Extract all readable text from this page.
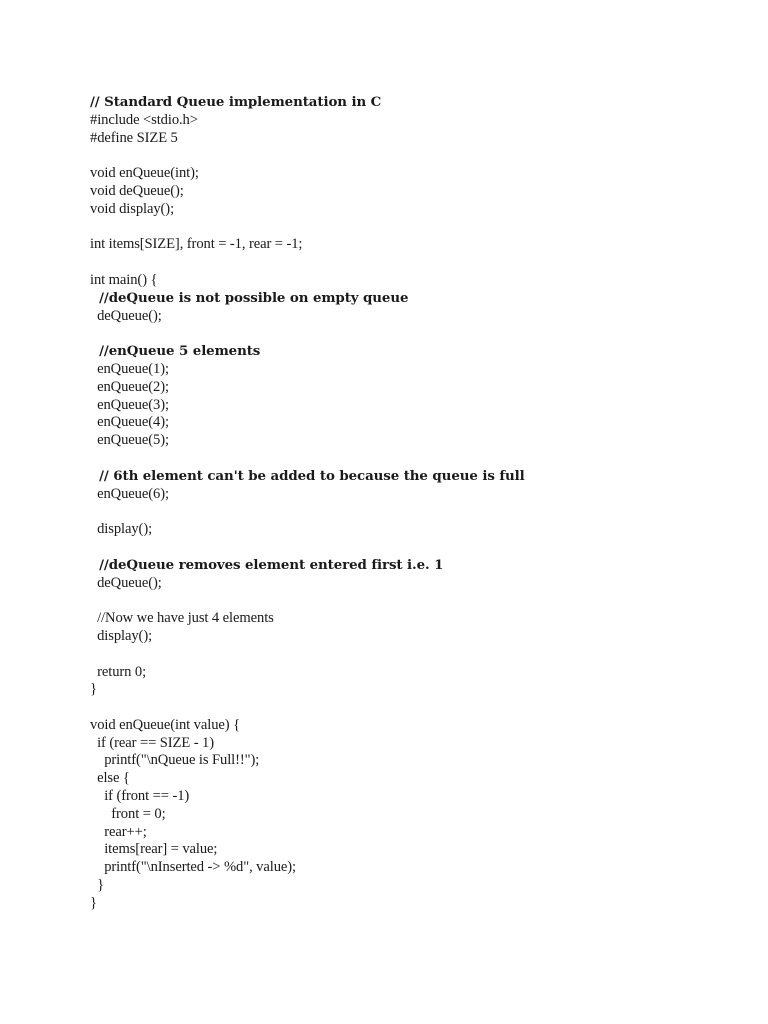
// Standard Queue implementation in C
#include <stdio.h>
#define SIZE 5
void enQueue(int);
void deQueue();
void display();
int items[SIZE], front = -1, rear = -1;
int main() {
//deQueue is not possible on empty queue
deQueue();
//enQueue 5 elements
enQueue(1);
enQueue(2);
enQueue(3);
enQueue(4);
enQueue(5);
// 6th element can't be added to because the queue is full
enQueue(6);
display();
//deQueue removes element entered first i.e. 1
deQueue();
//Now we have just 4 elements
display();
return 0;
}
void enQueue(int value) {
if (rear == SIZE - 1)
printf("\nQueue is Full!!");
else {
if (front == -1)
front = 0;
rear++;
items[rear] = value;
printf("\nInserted -> %d", value);
}
}
